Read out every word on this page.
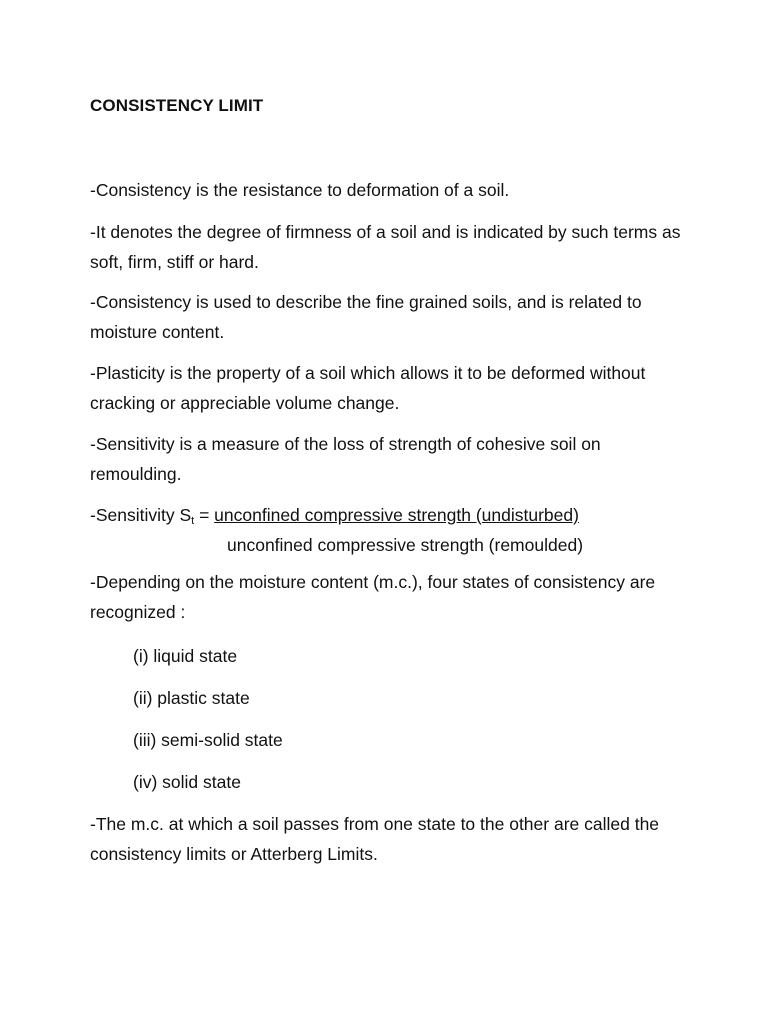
CONSISTENCY LIMIT

-Consistency is the resistance to deformation of a soil.

-It denotes the degree of firmness of a soil and is indicated by such terms as soft, firm, stiff or hard.

-Consistency is used to describe the fine grained soils, and is related to moisture content.

-Plasticity is the property of a soil which allows it to be deformed without cracking or appreciable volume change.

-Sensitivity is a measure of the loss of strength of cohesive soil on remoulding.

-Sensitivity $S_t$ = unconfined compressive strength (undisturbed)
unconfined compressive strength (remoulded)

-Depending on the moisture content (m.c.), four states of consistency are recognized :

(i) liquid state
(ii) plastic state
(iii) semi-solid state
(iv) solid state

-The m.c. at which a soil passes from one state to the other are called the consistency limits or Atterberg Limits.
